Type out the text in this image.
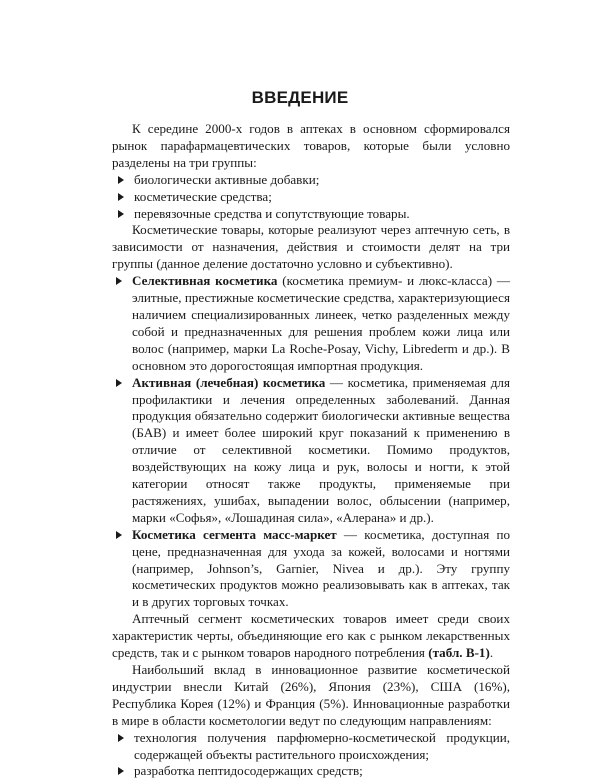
ВВЕДЕНИЕ

К середине 2000-х годов в аптеках в основном сформировался рынок парафармацевтических товаров, которые были условно разделены на три группы:

биологически активные добавки;
косметические средства;
перевязочные средства и сопутствующие товары.

Косметические товары, которые реализуют через аптечную сеть, в зависимости от назначения, действия и стоимости делят на три группы (данное деление достаточно условно и субъективно).

Селективная косметика (косметика премиум- и люкс-класса) — элитные, престижные косметические средства, характеризующиеся наличием специализированных линеек, четко разделенных между собой и предназначенных для решения проблем кожи лица или волос (например, марки La Roche-Posay, Vichy, Librederm и др.). В основном это дорогостоящая импортная продукция.
Активная (лечебная) косметика — косметика, применяемая для профилактики и лечения определенных заболеваний. Данная продукция обязательно содержит биологически активные вещества (БАВ) и имеет более широкий круг показаний к применению в отличие от селективной косметики. Помимо продуктов, воздействующих на кожу лица и рук, волосы и ногти, к этой категории относят также продукты, применяемые при растяжениях, ушибах, выпадении волос, облысении (например, марки «Софья», «Лошадиная сила», «Алерана» и др.).
Косметика сегмента масс-маркет — косметика, доступная по цене, предназначенная для ухода за кожей, волосами и ногтями (например, Johnson’s, Garnier, Nivea и др.). Эту группу косметических продуктов можно реализовывать как в аптеках, так и в других торговых точках.

Аптечный сегмент косметических товаров имеет среди своих характеристик черты, объединяющие его как с рынком лекарственных средств, так и с рынком товаров народного потребления (табл. В-1).

Наибольший вклад в инновационное развитие косметической индустрии внесли Китай (26%), Япония (23%), США (16%), Республика Корея (12%) и Франция (5%). Инновационные разработки в мире в области косметологии ведут по следующим направлениям:

технология получения парфюмерно-косметической продукции, содержащей объекты растительного происхождения;
разработка пептидосодержащих средств;
